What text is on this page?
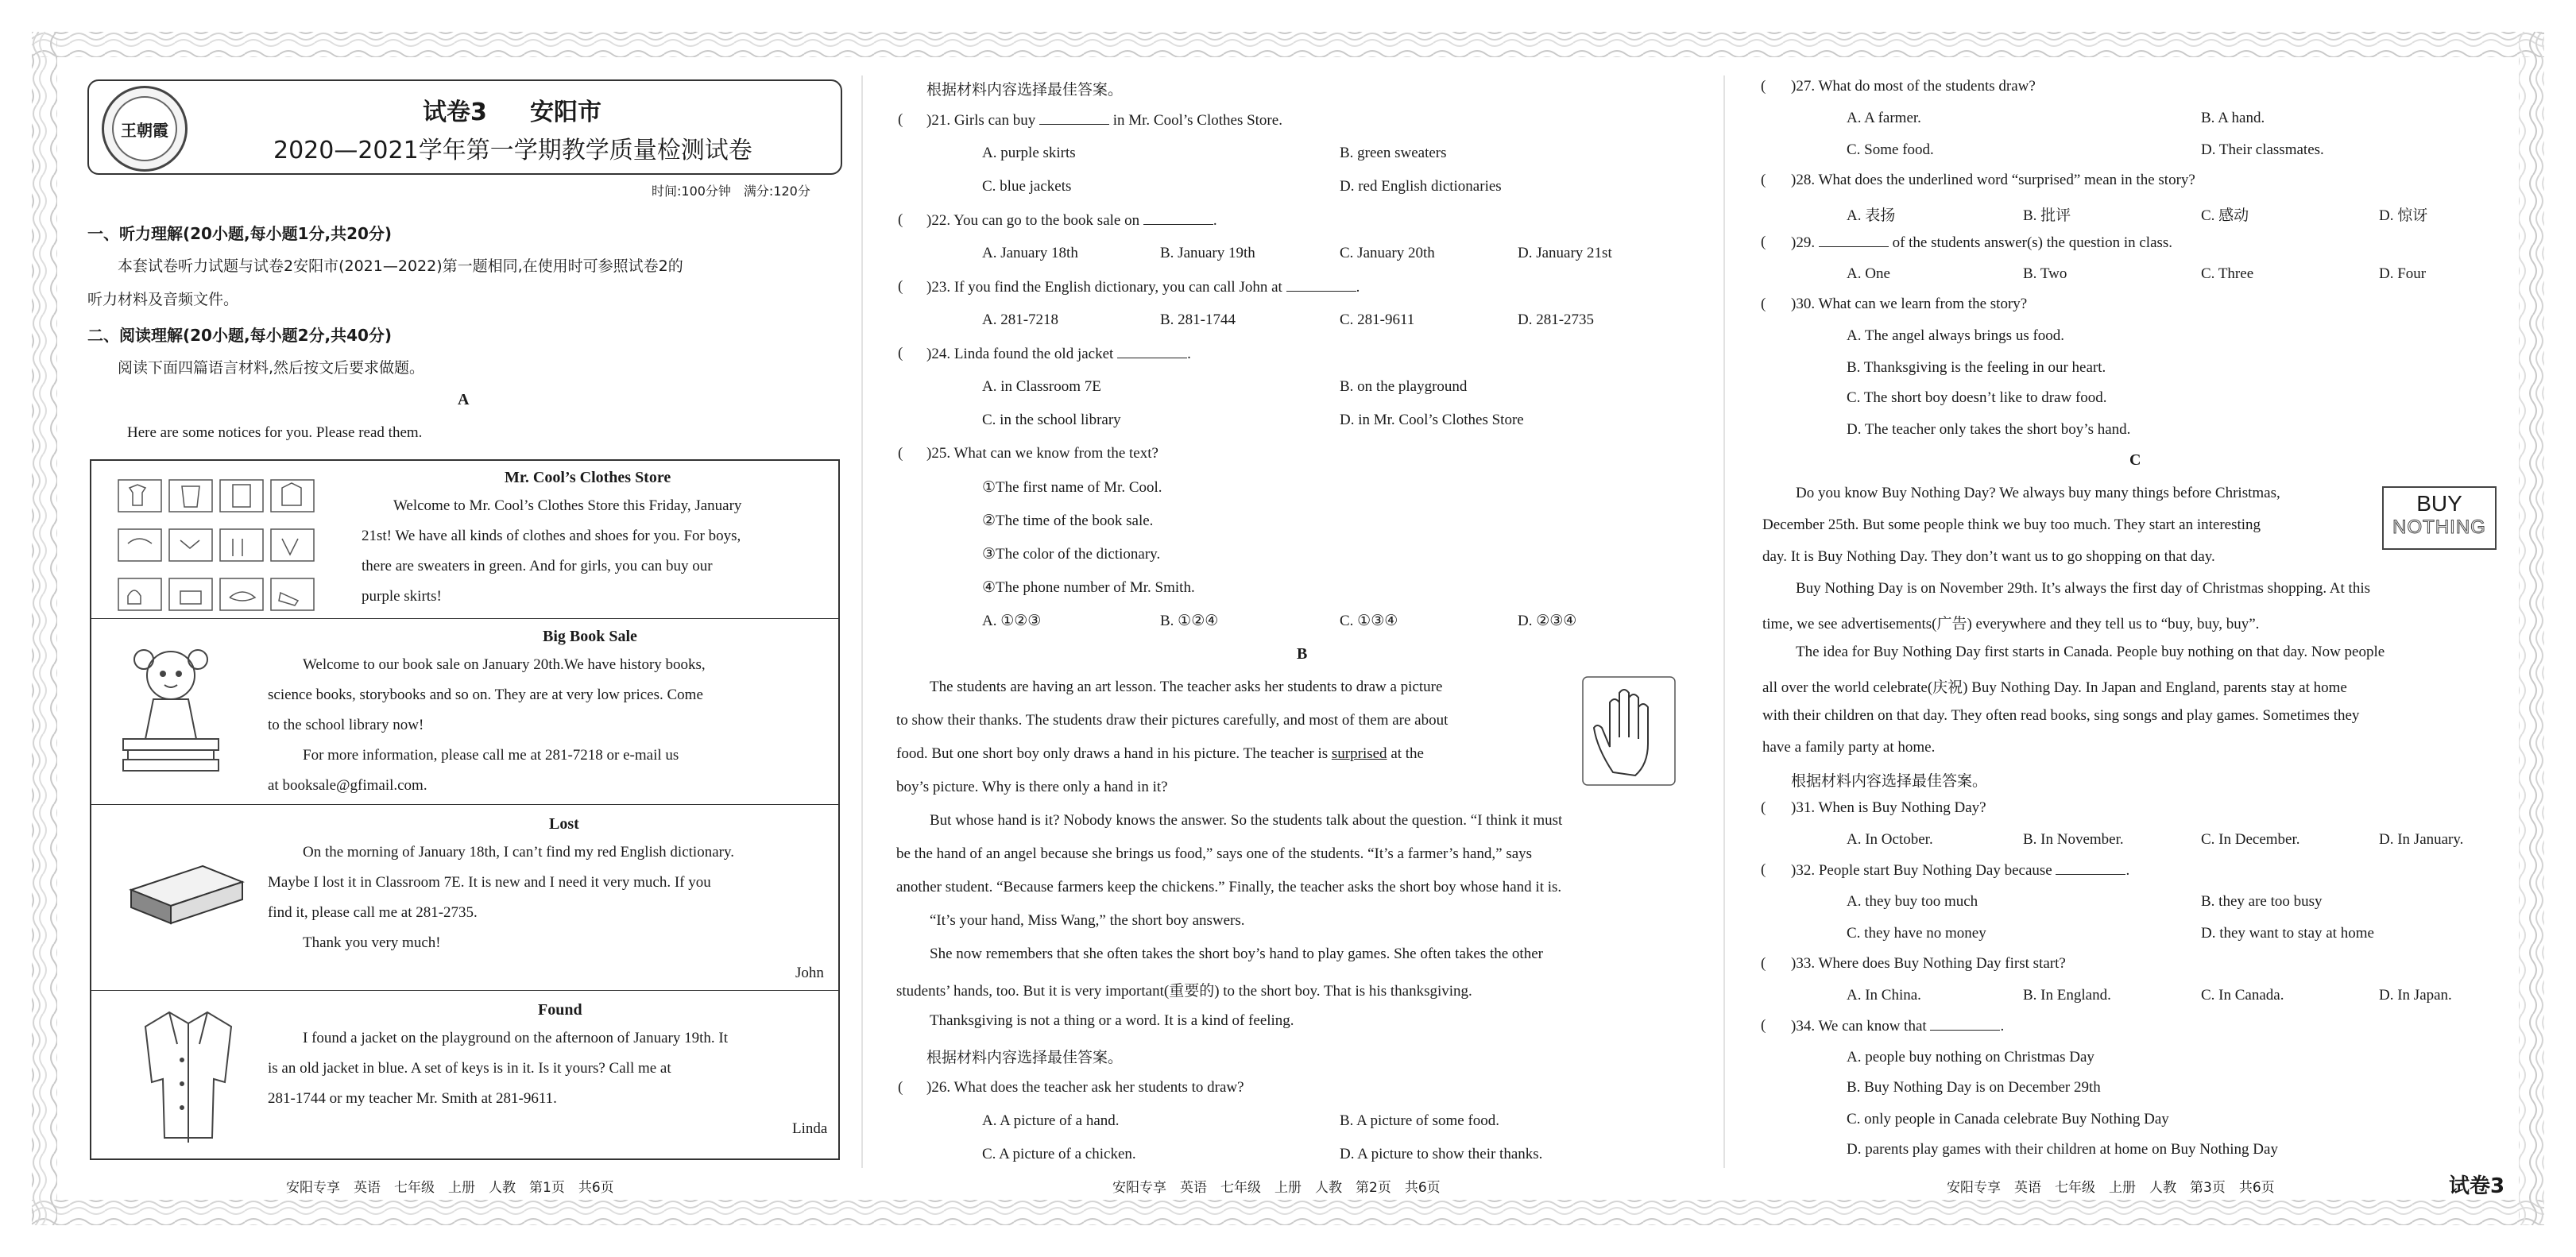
王朝霞
试卷3 安阳市
2020—2021学年第一学期教学质量检测试卷
时间:100分钟　满分:120分
一、听力理解(20小题,每小题1分,共20分)
本套试卷听力试题与试卷2安阳市(2021—2022)第一题相同,在使用时可参照试卷2的
听力材料及音频文件。
二、阅读理解(20小题,每小题2分,共40分)
阅读下面四篇语言材料,然后按文后要求做题。
A
Here are some notices for you. Please read them.
Mr. Cool’s Clothes Store
Welcome to Mr. Cool’s Clothes Store this Friday, January
21st! We have all kinds of clothes and shoes for you. For boys,
there are sweaters in green. And for girls, you can buy our
purple skirts!
Big Book Sale
Welcome to our book sale on January 20th.We have history books,
science books, storybooks and so on. They are at very low prices. Come
to the school library now!
For more information, please call me at 281-7218 or e-mail us
at booksale@gfimail.com.
Lost
On the morning of January 18th, I can’t find my red English dictionary.
Maybe I lost it in Classroom 7E. It is new and I need it very much. If you
find it, please call me at 281-2735.
Thank you very much!
John
Found
I found a jacket on the playground on the afternoon of January 19th. It
is an old jacket in blue. A set of keys is in it. Is it yours? Call me at
281-1744 or my teacher Mr. Smith at 281-9611.
Linda
根据材料内容选择最佳答案。
( )21. Girls can buy	in Mr. Cool’s Clothes Store.
A. purple skirts	B. green sweaters
C. blue jackets	D. red English dictionaries
( )22. You can go to the book sale on	.
A. January 18th	B. January 19th	C. January 20th	D. January 21st
( )23. If you find the English dictionary, you can call John at	.
A. 281-7218	B. 281-1744	C. 281-9611	D. 281-2735
( )24. Linda found the old jacket	.
A. in Classroom 7E	B. on the playground
C. in the school library	D. in Mr. Cool’s Clothes Store
( )25. What can we know from the text?
①The first name of Mr. Cool.
②The time of the book sale.
③The color of the dictionary.
④The phone number of Mr. Smith.
A. ①②③	B. ①②④	C. ①③④	D. ②③④
B
The students are having an art lesson. The teacher asks her students to draw a picture
to show their thanks. The students draw their pictures carefully, and most of them are about
food. But one short boy only draws a hand in his picture. The teacher is surprised at the
boy’s picture. Why is there only a hand in it?
But whose hand is it? Nobody knows the answer. So the students talk about the question. “I think it must
be the hand of an angel because she brings us food,” says one of the students. “It’s a farmer’s hand,” says
another student. “Because farmers keep the chickens.” Finally, the teacher asks the short boy whose hand it is.
“It’s your hand, Miss Wang,” the short boy answers.
She now remembers that she often takes the short boy’s hand to play games. She often takes the other
students’ hands, too. But it is very important(重要的) to the short boy. That is his thanksgiving.
Thanksgiving is not a thing or a word. It is a kind of feeling.
根据材料内容选择最佳答案。
( )26. What does the teacher ask her students to draw?
A. A picture of a hand.	B. A picture of some food.
C. A picture of a chicken.	D. A picture to show their thanks.
( )27. What do most of the students draw?
A. A farmer.	B. A hand.
C. Some food.	D. Their classmates.
( )28. What does the underlined word “surprised” mean in the story?
A. 表扬	B. 批评	C. 感动	D. 惊讶
( )29.	of the students answer(s) the question in class.
A. One	B. Two	C. Three	D. Four
( )30. What can we learn from the story?
A. The angel always brings us food.
B. Thanksgiving is the feeling in our heart.
C. The short boy doesn’t like to draw food.
D. The teacher only takes the short boy’s hand.
C
BUY
NOTHING
Do you know Buy Nothing Day? We always buy many things before Christmas,
December 25th. But some people think we buy too much. They start an interesting
day. It is Buy Nothing Day. They don’t want us to go shopping on that day.
Buy Nothing Day is on November 29th. It’s always the first day of Christmas shopping. At this
time, we see advertisements(广告) everywhere and they tell us to “buy, buy, buy”.
The idea for Buy Nothing Day first starts in Canada. People buy nothing on that day. Now people
all over the world celebrate(庆祝) Buy Nothing Day. In Japan and England, parents stay at home
with their children on that day. They often read books, sing songs and play games. Sometimes they
have a family party at home.
根据材料内容选择最佳答案。
( )31. When is Buy Nothing Day?
A. In October.	B. In November.	C. In December.	D. In January.
( )32. People start Buy Nothing Day because	.
A. they buy too much	B. they are too busy
C. they have no money	D. they want to stay at home
( )33. Where does Buy Nothing Day first start?
A. In China.	B. In England.	C. In Canada.	D. In Japan.
( )34. We can know that	.
A. people buy nothing on Christmas Day
B. Buy Nothing Day is on December 29th
C. only people in Canada celebrate Buy Nothing Day
D. parents play games with their children at home on Buy Nothing Day
安阳专享　英语　七年级　上册　人教　第1页　共6页	安阳专享　英语　七年级　上册　人教　第2页　共6页	安阳专享　英语　七年级　上册　人教　第3页　共6页	试卷3
